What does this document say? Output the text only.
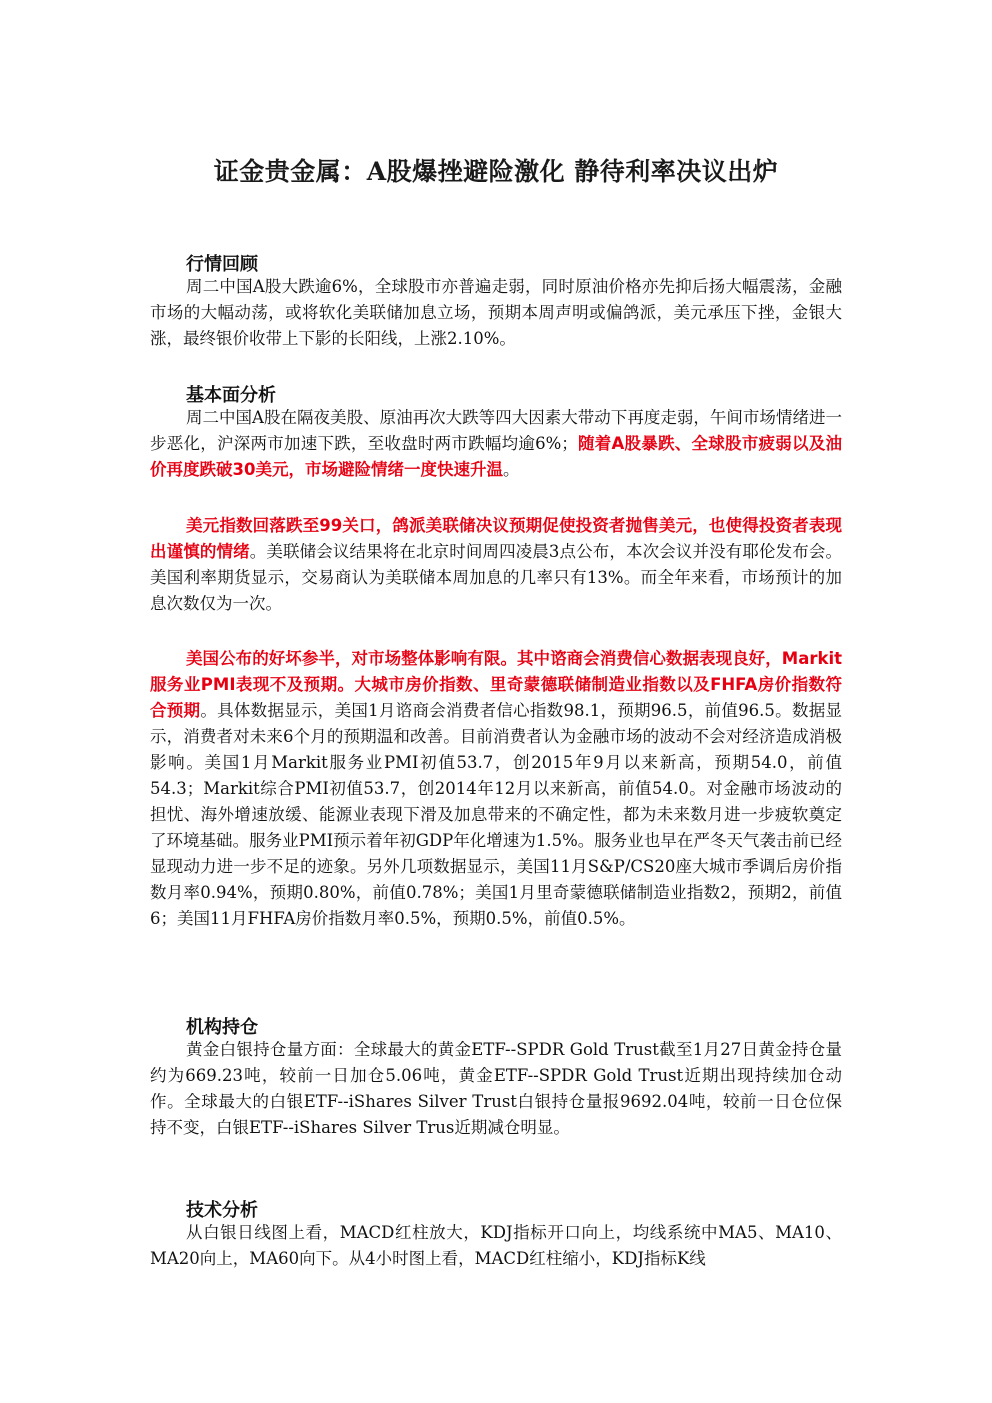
证金贵金属：A股爆挫避险激化 静待利率决议出炉
行情回顾
周二中国A股大跌逾6%，全球股市亦普遍走弱，同时原油价格亦先抑后扬大幅震荡，金融市场的大幅动荡，或将软化美联储加息立场，预期本周声明或偏鸽派，美元承压下挫，金银大涨，最终银价收带上下影的长阳线，上涨2.10%。
基本面分析
周二中国A股在隔夜美股、原油再次大跌等四大因素大带动下再度走弱，午间市场情绪进一步恶化，沪深两市加速下跌，至收盘时两市跌幅均逾6%；随着A股暴跌、全球股市疲弱以及油价再度跌破30美元，市场避险情绪一度快速升温。
美元指数回落跌至99关口，鸽派美联储决议预期促使投资者抛售美元，也使得投资者表现出谨慎的情绪。美联储会议结果将在北京时间周四凌晨3点公布，本次会议并没有耶伦发布会。美国利率期货显示，交易商认为美联储本周加息的几率只有13%。而全年来看，市场预计的加息次数仅为一次。
美国公布的好坏参半，对市场整体影响有限。其中谘商会消费信心数据表现良好，Markit服务业PMI表现不及预期。大城市房价指数、里奇蒙德联储制造业指数以及FHFA房价指数符合预期。具体数据显示，美国1月谘商会消费者信心指数98.1，预期96.5，前值96.5。数据显示，消费者对未来6个月的预期温和改善。目前消费者认为金融市场的波动不会对经济造成消极影响。美国1月Markit服务业PMI初值53.7，创2015年9月以来新高，预期54.0，前值54.3；Markit综合PMI初值53.7，创2014年12月以来新高，前值54.0。对金融市场波动的担忧、海外增速放缓、能源业表现下滑及加息带来的不确定性，都为未来数月进一步疲软奠定了环境基础。服务业PMI预示着年初GDP年化增速为1.5%。服务业也早在严冬天气袭击前已经显现动力进一步不足的迹象。另外几项数据显示，美国11月S&P/CS20座大城市季调后房价指数月率0.94%，预期0.80%，前值0.78%；美国1月里奇蒙德联储制造业指数2，预期2，前值6；美国11月FHFA房价指数月率0.5%，预期0.5%，前值0.5%。
机构持仓
黄金白银持仓量方面：全球最大的黄金ETF--SPDR Gold Trust截至1月27日黄金持仓量约为669.23吨，较前一日加仓5.06吨，黄金ETF--SPDR Gold Trust近期出现持续加仓动作。全球最大的白银ETF--iShares Silver Trust白银持仓量报9692.04吨，较前一日仓位保持不变，白银ETF--iShares Silver Trus近期减仓明显。
技术分析
从白银日线图上看，MACD红柱放大，KDJ指标开口向上，均线系统中MA5、MA10、MA20向上，MA60向下。从4小时图上看，MACD红柱缩小，KDJ指标K线
